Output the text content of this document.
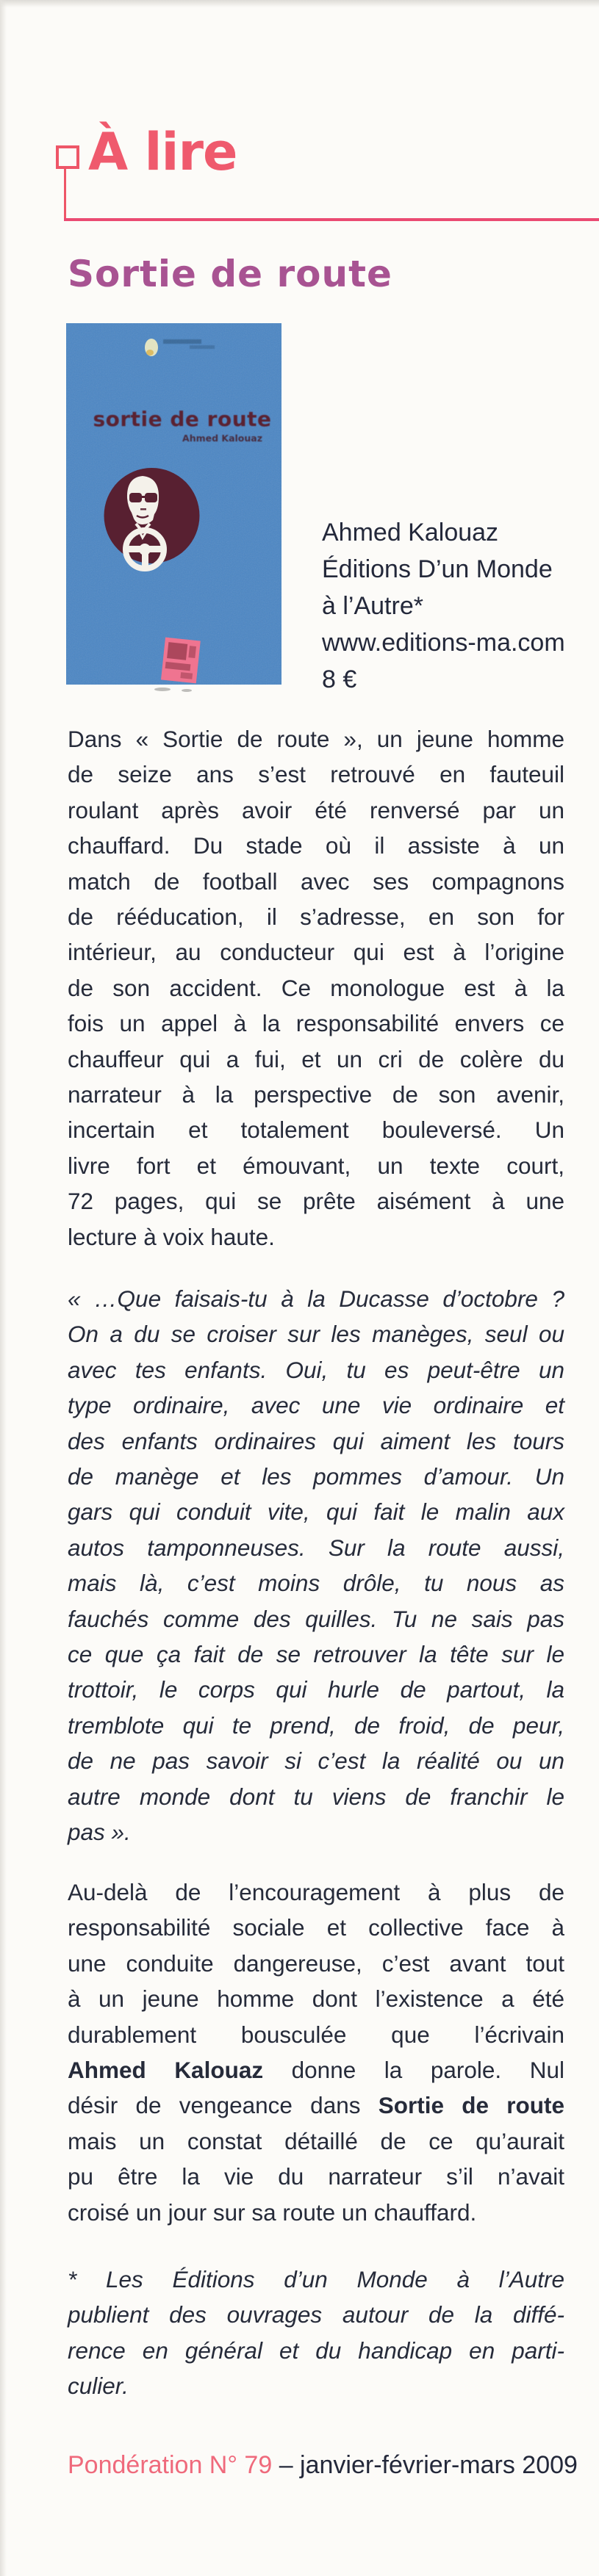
À lire
Sortie de route
sortie de route
Ahmed Kalouaz
Ahmed Kalouaz
Éditions D’un Monde
à l’Autre*
www.editions-ma.com
8 €
Dans « Sortie de route », un jeune homme
de seize ans s’est retrouvé en fauteuil
roulant après avoir été renversé par un
chauffard. Du stade où il assiste à un
match de football avec ses compagnons
de rééducation, il s’adresse, en son for
intérieur, au conducteur qui est à l’origine
de son accident. Ce monologue est à la
fois un appel à la responsabilité envers ce
chauffeur qui a fui, et un cri de colère du
narrateur à la perspective de son avenir,
incertain et totalement bouleversé. Un
livre fort et émouvant, un texte court,
72 pages, qui se prête aisément à une
lecture à voix haute.
« …Que faisais-tu à la Ducasse d’octobre ?
On a du se croiser sur les manèges, seul ou
avec tes enfants. Oui, tu es peut-être un
type ordinaire, avec une vie ordinaire et
des enfants ordinaires qui aiment les tours
de manège et les pommes d’amour. Un
gars qui conduit vite, qui fait le malin aux
autos tamponneuses. Sur la route aussi,
mais là, c’est moins drôle, tu nous as
fauchés comme des quilles. Tu ne sais pas
ce que ça fait de se retrouver la tête sur le
trottoir, le corps qui hurle de partout, la
tremblote qui te prend, de froid, de peur,
de ne pas savoir si c’est la réalité ou un
autre monde dont tu viens de franchir le
pas ».
Au-delà de l’encouragement à plus de
responsabilité sociale et collective face à
une conduite dangereuse, c’est avant tout
à un jeune homme dont l’existence a été
durablement bousculée que l’écrivain
Ahmed Kalouaz donne la parole. Nul
désir de vengeance dans Sortie de route
mais un constat détaillé de ce qu’aurait
pu être la vie du narrateur s’il n’avait
croisé un jour sur sa route un chauffard.
* Les Éditions d’un Monde à l’Autre
publient des ouvrages autour de la diffé-
rence en général et du handicap en parti-
culier.
Pondération N° 79 – janvier-février-mars 2009
